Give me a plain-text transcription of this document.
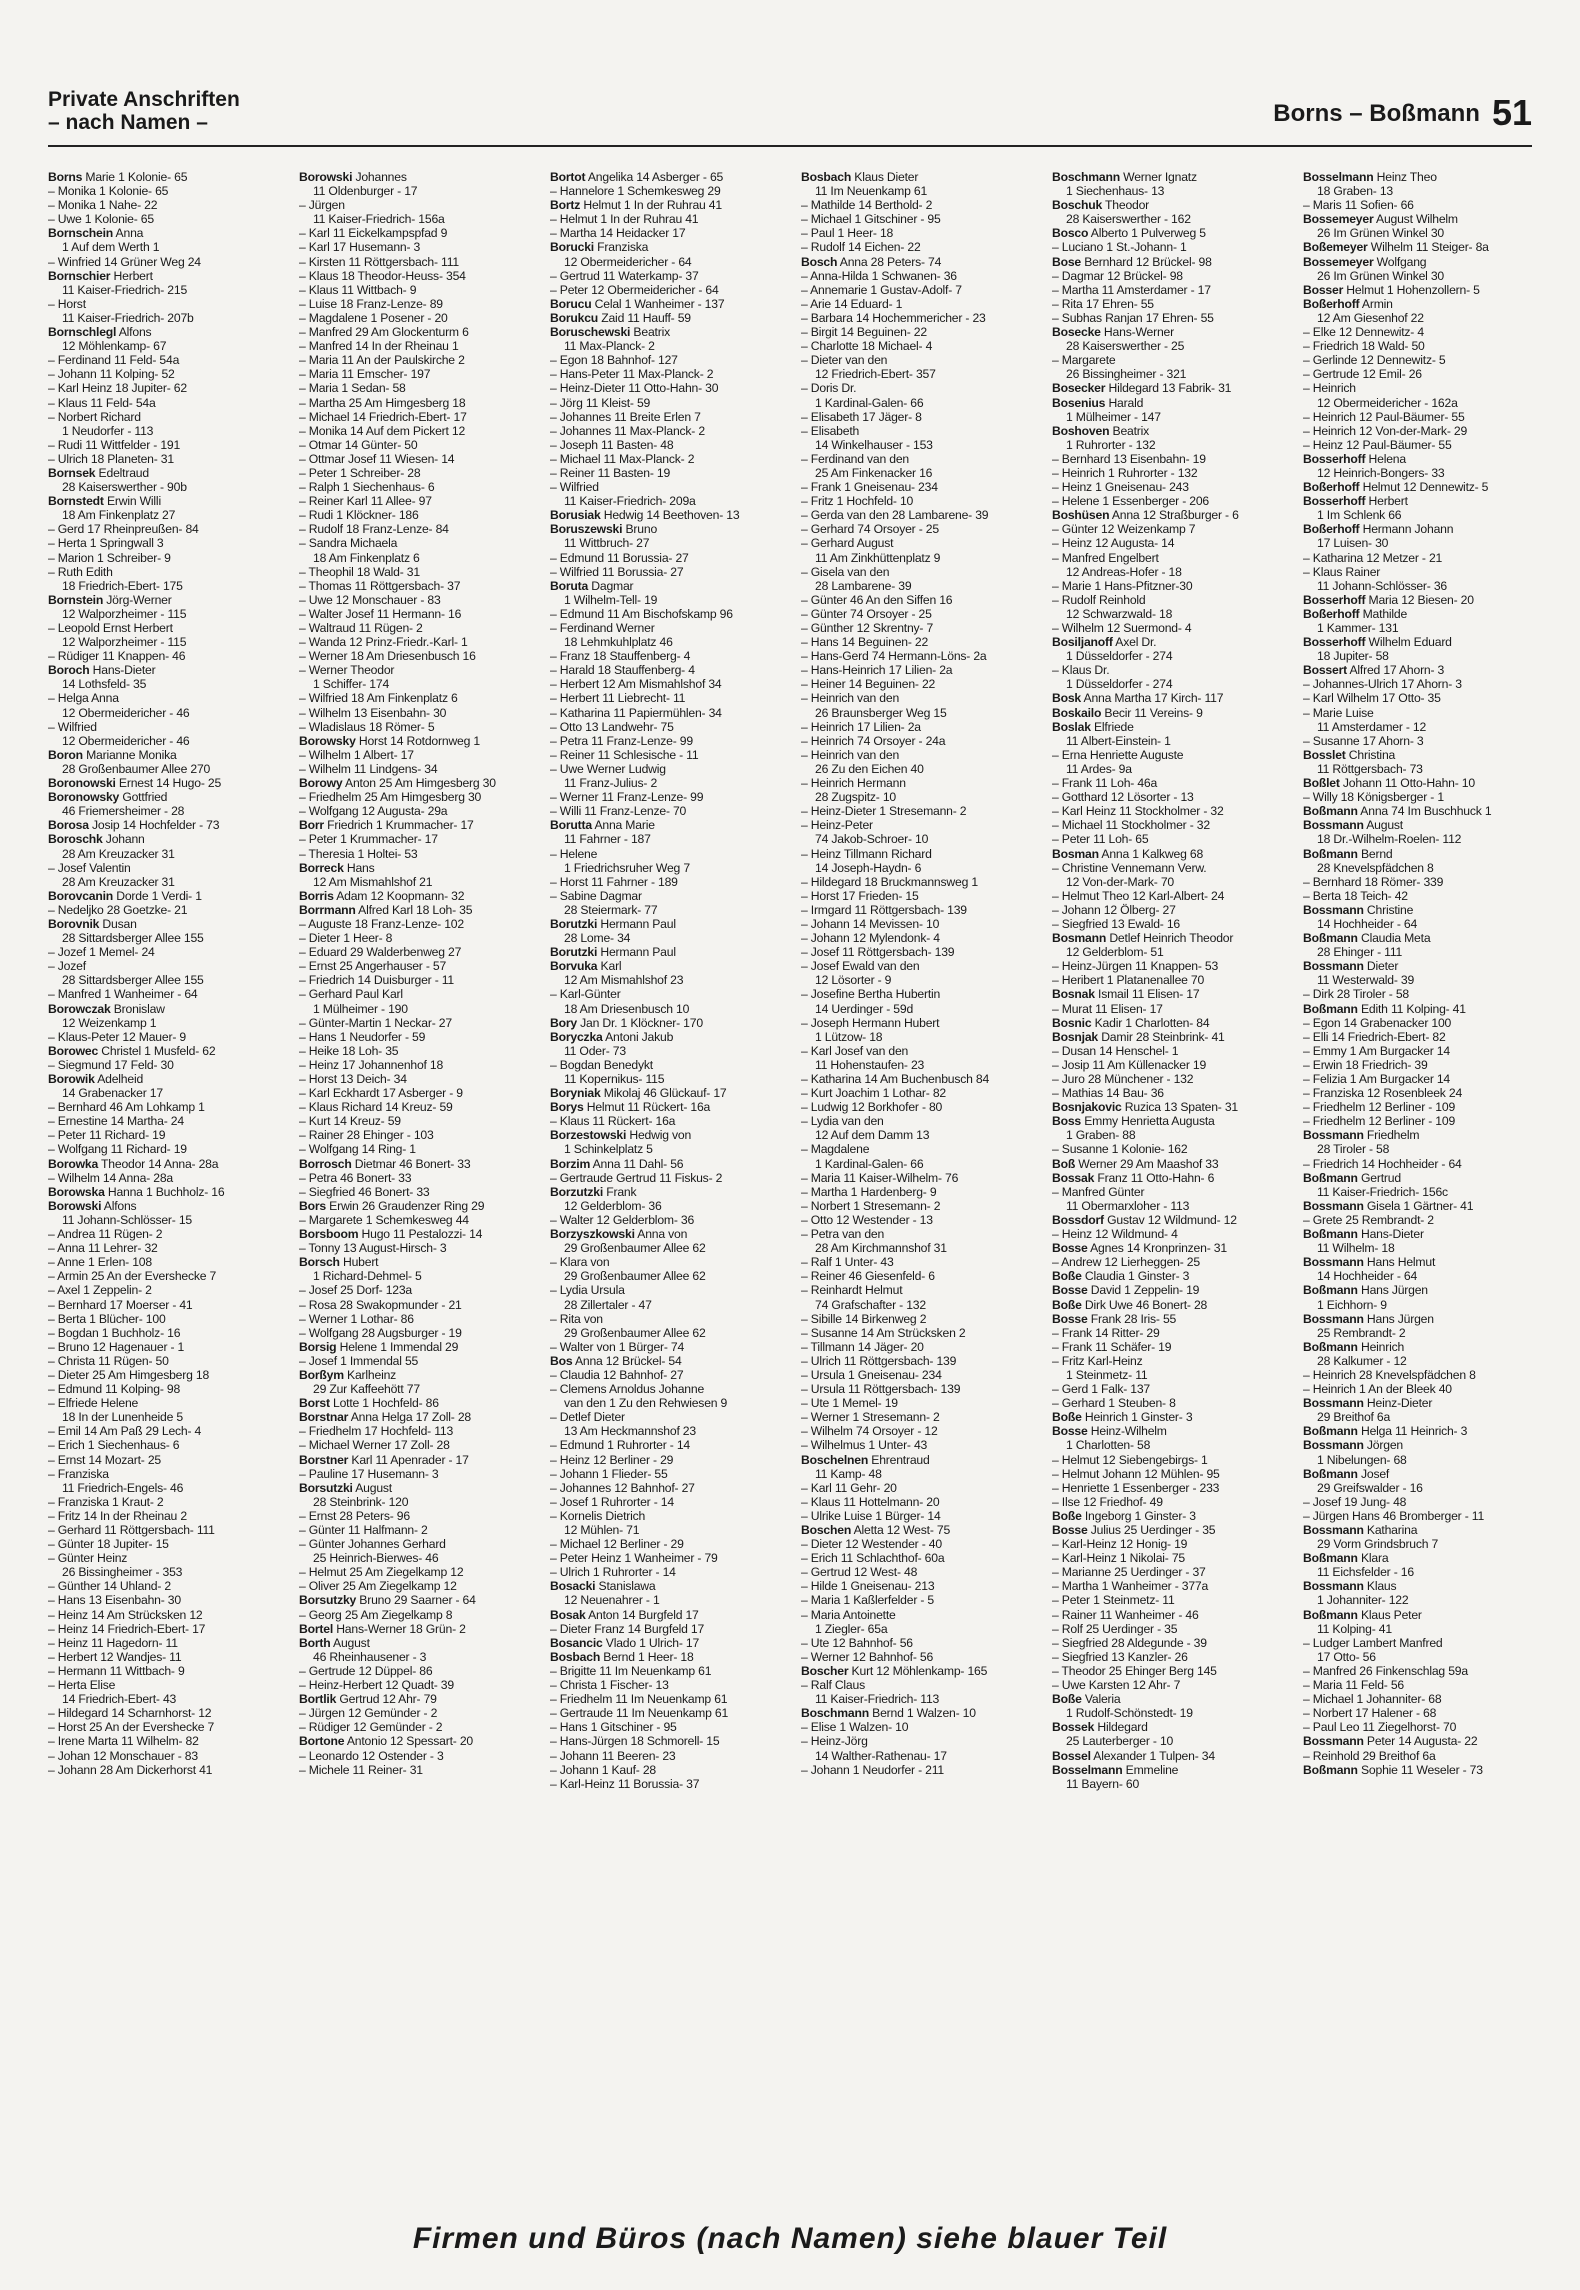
Private Anschriften
– nach Namen –	Borns – Boßmann 51
Borns Marie 1 Kolonie- 65
– Monika 1 Kolonie- 65
– Monika 1 Nahe- 22
– Uwe 1 Kolonie- 65
Bornschein Anna
1 Auf dem Werth 1
– Winfried 14 Grüner Weg 24
Bornschier Herbert
11 Kaiser-Friedrich- 215
– Horst
11 Kaiser-Friedrich- 207b
Bornschlegl Alfons
12 Möhlenkamp- 67
– Ferdinand 11 Feld- 54a
– Johann 11 Kolping- 52
– Karl Heinz 18 Jupiter- 62
– Klaus 11 Feld- 54a
– Norbert Richard
1 Neudorfer - 113
– Rudi 11 Wittfelder - 191
– Ulrich 18 Planeten- 31
Bornsek Edeltraud
28 Kaiserswerther - 90b
Bornstedt Erwin Willi
18 Am Finkenplatz 27
– Gerd 17 Rheinpreußen- 84
– Herta 1 Springwall 3
– Marion 1 Schreiber- 9
– Ruth Edith
18 Friedrich-Ebert- 175
Bornstein Jörg-Werner
12 Walporzheimer - 115
– Leopold Ernst Herbert
12 Walporzheimer - 115
– Rüdiger 11 Knappen- 46
Boroch Hans-Dieter
14 Lothsfeld- 35
– Helga Anna
12 Obermeidericher - 46
– Wilfried
12 Obermeidericher - 46
Boron Marianne Monika
28 Großenbaumer Allee 270
Boronowski Ernest 14 Hugo- 25
Boronowsky Gottfried
46 Friemersheimer - 28
Borosa Josip 14 Hochfelder - 73
Boroschk Johann
28 Am Kreuzacker 31
– Josef Valentin
28 Am Kreuzacker 31
Borovcanin Dorde 1 Verdi- 1
– Nedeljko 28 Goetzke- 21
Borovnik Dusan
28 Sittardsberger Allee 155
– Jozef 1 Memel- 24
– Jozef
28 Sittardsberger Allee 155
– Manfred 1 Wanheimer - 64
Borowczak Bronislaw
12 Weizenkamp 1
– Klaus-Peter 12 Mauer- 9
Borowec Christel 1 Musfeld- 62
– Siegmund 17 Feld- 30
Borowik Adelheid
14 Grabenacker 17
– Bernhard 46 Am Lohkamp 1
– Ernestine 14 Martha- 24
– Peter 11 Richard- 19
– Wolfgang 11 Richard- 19
Borowka Theodor 14 Anna- 28a
– Wilhelm 14 Anna- 28a
Borowska Hanna 1 Buchholz- 16
Borowski Alfons
11 Johann-Schlösser- 15
– Andrea 11 Rügen- 2
– Anna 11 Lehrer- 32
– Anne 1 Erlen- 108
– Armin 25 An der Evershecke 7
– Axel 1 Zeppelin- 2
– Bernhard 17 Moerser - 41
– Berta 1 Blücher- 100
– Bogdan 1 Buchholz- 16
– Bruno 12 Hagenauer - 1
– Christa 11 Rügen- 50
– Dieter 25 Am Himgesberg 18
– Edmund 11 Kolping- 98
– Elfriede Helene
18 In der Lunenheide 5
– Emil 14 Am Paß 29 Lech- 4
– Erich 1 Siechenhaus- 6
– Ernst 14 Mozart- 25
– Franziska
11 Friedrich-Engels- 46
– Franziska 1 Kraut- 2
– Fritz 14 In der Rheinau 2
– Gerhard 11 Röttgersbach- 111
– Günter 18 Jupiter- 15
– Günter Heinz
26 Bissingheimer - 353
– Günther 14 Uhland- 2
– Hans 13 Eisenbahn- 30
– Heinz 14 Am Strücksken 12
– Heinz 14 Friedrich-Ebert- 17
– Heinz 11 Hagedorn- 11
– Herbert 12 Wandjes- 11
– Hermann 11 Wittbach- 9
– Herta Elise
14 Friedrich-Ebert- 43
– Hildegard 14 Scharnhorst- 12
– Horst 25 An der Evershecke 7
– Irene Marta 11 Wilhelm- 82
– Johan 12 Monschauer - 83
– Johann 28 Am Dickerhorst 41
Borowski Johannes
11 Oldenburger - 17
– Jürgen
11 Kaiser-Friedrich- 156a
– Karl 11 Eickelkampspfad 9
– Karl 17 Husemann- 3
– Kirsten 11 Röttgersbach- 111
– Klaus 18 Theodor-Heuss- 354
– Klaus 11 Wittbach- 9
– Luise 18 Franz-Lenze- 89
– Magdalene 1 Posener - 20
– Manfred 29 Am Glockenturm 6
– Manfred 14 In der Rheinau 1
– Maria 11 An der Paulskirche 2
– Maria 11 Emscher- 197
– Maria 1 Sedan- 58
– Martha 25 Am Himgesberg 18
– Michael 14 Friedrich-Ebert- 17
– Monika 14 Auf dem Pickert 12
– Otmar 14 Günter- 50
– Ottmar Josef 11 Wiesen- 14
– Peter 1 Schreiber- 28
– Ralph 1 Siechenhaus- 6
– Reiner Karl 11 Allee- 97
– Rudi 1 Klöckner- 186
– Rudolf 18 Franz-Lenze- 84
– Sandra Michaela
18 Am Finkenplatz 6
– Theophil 18 Wald- 31
– Thomas 11 Röttgersbach- 37
– Uwe 12 Monschauer - 83
– Walter Josef 11 Hermann- 16
– Waltraud 11 Rügen- 2
– Wanda 12 Prinz-Friedr.-Karl- 1
– Werner 18 Am Driesenbusch 16
– Werner Theodor
1 Schiffer- 174
– Wilfried 18 Am Finkenplatz 6
– Wilhelm 13 Eisenbahn- 30
– Wladislaus 18 Römer- 5
Borowsky Horst 14 Rotdornweg 1
– Wilhelm 1 Albert- 17
– Wilhelm 11 Lindgens- 34
Borowy Anton 25 Am Himgesberg 30
– Friedhelm 25 Am Himgesberg 30
– Wolfgang 12 Augusta- 29a
Borr Friedrich 1 Krummacher- 17
– Peter 1 Krummacher- 17
– Theresia 1 Holtei- 53
Borreck Hans
12 Am Mismahlshof 21
Borris Adam 12 Koopmann- 32
Borrmann Alfred Karl 18 Loh- 35
– Auguste 18 Franz-Lenze- 102
– Dieter 1 Heer- 8
– Eduard 29 Walderbenweg 27
– Ernst 25 Angerhauser - 57
– Friedrich 14 Duisburger - 11
– Gerhard Paul Karl
1 Mülheimer - 190
– Günter-Martin 1 Neckar- 27
– Hans 1 Neudorfer - 59
– Heike 18 Loh- 35
– Heinz 17 Johannenhof 18
– Horst 13 Deich- 34
– Karl Eckhardt 17 Asberger - 9
– Klaus Richard 14 Kreuz- 59
– Kurt 14 Kreuz- 59
– Rainer 28 Ehinger - 103
– Wolfgang 14 Ring- 1
Borrosch Dietmar 46 Bonert- 33
– Petra 46 Bonert- 33
– Siegfried 46 Bonert- 33
Bors Erwin 26 Graudenzer Ring 29
– Margarete 1 Schemkesweg 44
Borsboom Hugo 11 Pestalozzi- 14
– Tonny 13 August-Hirsch- 3
Borsch Hubert
1 Richard-Dehmel- 5
– Josef 25 Dorf- 123a
– Rosa 28 Swakopmunder - 21
– Werner 1 Lothar- 86
– Wolfgang 28 Augsburger - 19
Borsig Helene 1 Immendal 29
– Josef 1 Immendal 55
Borßym Karlheinz
29 Zur Kaffeehött 77
Borst Lotte 1 Hochfeld- 86
Borstnar Anna Helga 17 Zoll- 28
– Friedhelm 17 Hochfeld- 113
– Michael Werner 17 Zoll- 28
Borstner Karl 11 Apenrader - 17
– Pauline 17 Husemann- 3
Borsutzki August
28 Steinbrink- 120
– Ernst 28 Peters- 96
– Günter 11 Halfmann- 2
– Günter Johannes Gerhard
25 Heinrich-Bierwes- 46
– Helmut 25 Am Ziegelkamp 12
– Oliver 25 Am Ziegelkamp 12
Borsutzky Bruno 29 Saarner - 64
– Georg 25 Am Ziegelkamp 8
Bortel Hans-Werner 18 Grün- 2
Borth August
46 Rheinhausener - 3
– Gertrude 12 Düppel- 86
– Heinz-Herbert 12 Quadt- 39
Bortlik Gertrud 12 Ahr- 79
– Jürgen 12 Gemünder - 2
– Rüdiger 12 Gemünder - 2
Bortone Antonio 12 Spessart- 20
– Leonardo 12 Ostender - 3
– Michele 11 Reiner- 31
Bortot Angelika 14 Asberger - 65
– Hannelore 1 Schemkesweg 29
Bortz Helmut 1 In der Ruhrau 41
– Helmut 1 In der Ruhrau 41
– Martha 14 Heidacker 17
Borucki Franziska
12 Obermeidericher - 64
– Gertrud 11 Waterkamp- 37
– Peter 12 Obermeidericher - 64
Borucu Celal 1 Wanheimer - 137
Borukcu Zaid 11 Hauff- 59
Boruschewski Beatrix
11 Max-Planck- 2
– Egon 18 Bahnhof- 127
– Hans-Peter 11 Max-Planck- 2
– Heinz-Dieter 11 Otto-Hahn- 30
– Jörg 11 Kleist- 59
– Johannes 11 Breite Erlen 7
– Johannes 11 Max-Planck- 2
– Joseph 11 Basten- 48
– Michael 11 Max-Planck- 2
– Reiner 11 Basten- 19
– Wilfried
11 Kaiser-Friedrich- 209a
Borusiak Hedwig 14 Beethoven- 13
Boruszewski Bruno
11 Wittbruch- 27
– Edmund 11 Borussia- 27
– Wilfried 11 Borussia- 27
Boruta Dagmar
1 Wilhelm-Tell- 19
– Edmund 11 Am Bischofskamp 96
– Ferdinand Werner
18 Lehmkuhlplatz 46
– Franz 18 Stauffenberg- 4
– Harald 18 Stauffenberg- 4
– Herbert 12 Am Mismahlshof 34
– Herbert 11 Liebrecht- 11
– Katharina 11 Papiermühlen- 34
– Otto 13 Landwehr- 75
– Petra 11 Franz-Lenze- 99
– Reiner 11 Schlesische - 11
– Uwe Werner Ludwig
11 Franz-Julius- 2
– Werner 11 Franz-Lenze- 99
– Willi 11 Franz-Lenze- 70
Borutta Anna Marie
11 Fahrner - 187
– Helene
1 Friedrichsruher Weg 7
– Horst 11 Fahrner - 189
– Sabine Dagmar
28 Steiermark- 77
Borutzki Hermann Paul
28 Lome- 34
Borutzki Hermann Paul
Borvuka Karl
12 Am Mismahlshof 23
– Karl-Günter
18 Am Driesenbusch 10
Bory Jan Dr. 1 Klöckner- 170
Boryczka Antoni Jakub
11 Oder- 73
– Bogdan Benedykt
11 Kopernikus- 115
Boryniak Mikolaj 46 Glückauf- 17
Borys Helmut 11 Rückert- 16a
– Klaus 11 Rückert- 16a
Borzestowski Hedwig von
1 Schinkelplatz 5
Borzim Anna 11 Dahl- 56
– Gertraude Gertrud 11 Fiskus- 2
Borzutzki Frank
12 Gelderblom- 36
– Walter 12 Gelderblom- 36
Borzyszkowski Anna von
29 Großenbaumer Allee 62
– Klara von
29 Großenbaumer Allee 62
– Lydia Ursula
28 Zillertaler - 47
– Rita von
29 Großenbaumer Allee 62
– Walter von 1 Bürger- 74
Bos Anna 12 Brückel- 54
– Claudia 12 Bahnhof- 27
– Clemens Arnoldus Johanne
van den 1 Zu den Rehwiesen 9
– Detlef Dieter
13 Am Heckmannshof 23
– Edmund 1 Ruhrorter - 14
– Heinz 12 Berliner - 29
– Johann 1 Flieder- 55
– Johannes 12 Bahnhof- 27
– Josef 1 Ruhrorter - 14
– Kornelis Dietrich
12 Mühlen- 71
– Michael 12 Berliner - 29
– Peter Heinz 1 Wanheimer - 79
– Ulrich 1 Ruhrorter - 14
Bosacki Stanislawa
12 Neuenahrer - 1
Bosak Anton 14 Burgfeld 17
– Dieter Franz 14 Burgfeld 17
Bosancic Vlado 1 Ulrich- 17
Bosbach Bernd 1 Heer- 18
– Brigitte 11 Im Neuenkamp 61
– Christa 1 Fischer- 13
– Friedhelm 11 Im Neuenkamp 61
– Gertraude 11 Im Neuenkamp 61
– Hans 1 Gitschiner - 95
– Hans-Jürgen 18 Schmorell- 15
– Johann 11 Beeren- 23
– Johann 1 Kauf- 28
– Karl-Heinz 11 Borussia- 37
Bosbach Klaus Dieter
11 Im Neuenkamp 61
– Mathilde 14 Berthold- 2
– Michael 1 Gitschiner - 95
– Paul 1 Heer- 18
– Rudolf 14 Eichen- 22
Bosch Anna 28 Peters- 74
– Anna-Hilda 1 Schwanen- 36
– Annemarie 1 Gustav-Adolf- 7
– Arie 14 Eduard- 1
– Barbara 14 Hochemmericher - 23
– Birgit 14 Beguinen- 22
– Charlotte 18 Michael- 4
– Dieter van den
12 Friedrich-Ebert- 357
– Doris Dr.
1 Kardinal-Galen- 66
– Elisabeth 17 Jäger- 8
– Elisabeth
14 Winkelhauser - 153
– Ferdinand van den
25 Am Finkenacker 16
– Frank 1 Gneisenau- 234
– Fritz 1 Hochfeld- 10
– Gerda van den 28 Lambarene- 39
– Gerhard 74 Orsoyer - 25
– Gerhard August
11 Am Zinkhüttenplatz 9
– Gisela van den
28 Lambarene- 39
– Günter 46 An den Siffen 16
– Günter 74 Orsoyer - 25
– Günther 12 Skrentny- 7
– Hans 14 Beguinen- 22
– Hans-Gerd 74 Hermann-Löns- 2a
– Hans-Heinrich 17 Lilien- 2a
– Heiner 14 Beguinen- 22
– Heinrich van den
26 Braunsberger Weg 15
– Heinrich 17 Lilien- 2a
– Heinrich 74 Orsoyer - 24a
– Heinrich van den
26 Zu den Eichen 40
– Heinrich Hermann
28 Zugspitz- 10
– Heinz-Dieter 1 Stresemann- 2
– Heinz-Peter
74 Jakob-Schroer- 10
– Heinz Tillmann Richard
14 Joseph-Haydn- 6
– Hildegard 18 Bruckmannsweg 1
– Horst 17 Frieden- 15
– Irmgard 11 Röttgersbach- 139
– Johann 14 Mevissen- 10
– Johann 12 Mylendonk- 4
– Josef 11 Röttgersbach- 139
– Josef Ewald van den
12 Lösorter - 9
– Josefine Bertha Hubertin
14 Uerdinger - 59d
– Joseph Hermann Hubert
1 Lützow- 18
– Karl Josef van den
11 Hohenstaufen- 23
– Katharina 14 Am Buchenbusch 84
– Kurt Joachim 1 Lothar- 82
– Ludwig 12 Borkhofer - 80
– Lydia van den
12 Auf dem Damm 13
– Magdalene
1 Kardinal-Galen- 66
– Maria 11 Kaiser-Wilhelm- 76
– Martha 1 Hardenberg- 9
– Norbert 1 Stresemann- 2
– Otto 12 Westender - 13
– Petra van den
28 Am Kirchmannshof 31
– Ralf 1 Unter- 43
– Reiner 46 Giesenfeld- 6
– Reinhardt Helmut
74 Grafschafter - 132
– Sibille 14 Birkenweg 2
– Susanne 14 Am Strücksken 2
– Tillmann 14 Jäger- 20
– Ulrich 11 Röttgersbach- 139
– Ursula 1 Gneisenau- 234
– Ursula 11 Röttgersbach- 139
– Ute 1 Memel- 19
– Werner 1 Stresemann- 2
– Wilhelm 74 Orsoyer - 12
– Wilhelmus 1 Unter- 43
Boschelnen Ehrentraud
11 Kamp- 48
– Karl 11 Gehr- 20
– Klaus 11 Hottelmann- 20
– Ulrike Luise 1 Bürger- 14
Boschen Aletta 12 West- 75
– Dieter 12 Westender - 40
– Erich 11 Schlachthof- 60a
– Gertrud 12 West- 48
– Hilde 1 Gneisenau- 213
– Maria 1 Kaßlerfelder - 5
– Maria Antoinette
1 Ziegler- 65a
– Ute 12 Bahnhof- 56
– Werner 12 Bahnhof- 56
Boscher Kurt 12 Möhlenkamp- 165
– Ralf Claus
11 Kaiser-Friedrich- 113
Boschmann Bernd 1 Walzen- 10
– Elise 1 Walzen- 10
– Heinz-Jörg
14 Walther-Rathenau- 17
– Johann 1 Neudorfer - 211
Boschmann Werner Ignatz
1 Siechenhaus- 13
Boschuk Theodor
28 Kaiserswerther - 162
Bosco Alberto 1 Pulverweg 5
– Luciano 1 St.-Johann- 1
Bose Bernhard 12 Brückel- 98
– Dagmar 12 Brückel- 98
– Martha 11 Amsterdamer - 17
– Rita 17 Ehren- 55
– Subhas Ranjan 17 Ehren- 55
Bosecke Hans-Werner
28 Kaiserswerther - 25
– Margarete
26 Bissingheimer - 321
Bosecker Hildegard 13 Fabrik- 31
Bosenius Harald
1 Mülheimer - 147
Boshoven Beatrix
1 Ruhrorter - 132
– Bernhard 13 Eisenbahn- 19
– Heinrich 1 Ruhrorter - 132
– Heinz 1 Gneisenau- 243
– Helene 1 Essenberger - 206
Boshüsen Anna 12 Straßburger - 6
– Günter 12 Weizenkamp 7
– Heinz 12 Augusta- 14
– Manfred Engelbert
12 Andreas-Hofer - 18
– Marie 1 Hans-Pfitzner-30
– Rudolf Reinhold
12 Schwarzwald- 18
– Wilhelm 12 Suermond- 4
Bosiljanoff Axel Dr.
1 Düsseldorfer - 274
– Klaus Dr.
1 Düsseldorfer - 274
Bosk Anna Martha 17 Kirch- 117
Boskailo Becir 11 Vereins- 9
Boslak Elfriede
11 Albert-Einstein- 1
– Erna Henriette Auguste
11 Ardes- 9a
– Frank 11 Loh- 46a
– Gotthard 12 Lösorter - 13
– Karl Heinz 11 Stockholmer - 32
– Michael 11 Stockholmer - 32
– Peter 11 Loh- 65
Bosman Anna 1 Kalkweg 68
– Christine Vennemann Verw.
12 Von-der-Mark- 70
– Helmut Theo 12 Karl-Albert- 24
– Johann 12 Ölberg- 27
– Siegfried 13 Ewald- 16
Bosmann Detlef Heinrich Theodor
12 Gelderblom- 51
– Heinz-Jürgen 11 Knappen- 53
– Heribert 1 Platanenallee 70
Bosnak Ismail 11 Elisen- 17
– Murat 11 Elisen- 17
Bosnic Kadir 1 Charlotten- 84
Bosnjak Damir 28 Steinbrink- 41
– Dusan 14 Henschel- 1
– Josip 11 Am Küllenacker 19
– Juro 28 Münchener - 132
– Mathias 14 Bau- 36
Bosnjakovic Ruzica 13 Spaten- 31
Boss Emmy Henrietta Augusta
1 Graben- 88
– Susanne 1 Kolonie- 162
Boß Werner 29 Am Maashof 33
Bossak Franz 11 Otto-Hahn- 6
– Manfred Günter
11 Obermarxloher - 113
Bossdorf Gustav 12 Wildmund- 12
– Heinz 12 Wildmund- 4
Bosse Agnes 14 Kronprinzen- 31
– Andrew 12 Lierheggen- 25
Boße Claudia 1 Ginster- 3
Bosse David 1 Zeppelin- 19
Boße Dirk Uwe 46 Bonert- 28
Bosse Frank 28 Iris- 55
– Frank 14 Ritter- 29
– Frank 11 Schäfer- 19
– Fritz Karl-Heinz
1 Steinmetz- 11
– Gerd 1 Falk- 137
– Gerhard 1 Steuben- 8
Boße Heinrich 1 Ginster- 3
Bosse Heinz-Wilhelm
1 Charlotten- 58
– Helmut 12 Siebengebirgs- 1
– Helmut Johann 12 Mühlen- 95
– Henriette 1 Essenberger - 233
– Ilse 12 Friedhof- 49
Boße Ingeborg 1 Ginster- 3
Bosse Julius 25 Uerdinger - 35
– Karl-Heinz 12 Honig- 19
– Karl-Heinz 1 Nikolai- 75
– Marianne 25 Uerdinger - 37
– Martha 1 Wanheimer - 377a
– Peter 1 Steinmetz- 11
– Rainer 11 Wanheimer - 46
– Rolf 25 Uerdinger - 35
– Siegfried 28 Aldegunde - 39
– Siegfried 13 Kanzler- 26
– Theodor 25 Ehinger Berg 145
– Uwe Karsten 12 Ahr- 7
Boße Valeria
1 Rudolf-Schönstedt- 19
Bossek Hildegard
25 Lauterberger - 10
Bossel Alexander 1 Tulpen- 34
Bosselmann Emmeline
11 Bayern- 60
Bosselmann Heinz Theo
18 Graben- 13
– Maris 11 Sofien- 66
Bossemeyer August Wilhelm
26 Im Grünen Winkel 30
Boßemeyer Wilhelm 11 Steiger- 8a
Bossemeyer Wolfgang
26 Im Grünen Winkel 30
Bosser Helmut 1 Hohenzollern- 5
Boßerhoff Armin
12 Am Giesenhof 22
– Elke 12 Dennewitz- 4
– Friedrich 18 Wald- 50
– Gerlinde 12 Dennewitz- 5
– Gertrude 12 Emil- 26
– Heinrich
12 Obermeidericher - 162a
– Heinrich 12 Paul-Bäumer- 55
– Heinrich 12 Von-der-Mark- 29
– Heinz 12 Paul-Bäumer- 55
Bosserhoff Helena
12 Heinrich-Bongers- 33
Boßerhoff Helmut 12 Dennewitz- 5
Bosserhoff Herbert
1 Im Schlenk 66
Boßerhoff Hermann Johann
17 Luisen- 30
– Katharina 12 Metzer - 21
– Klaus Rainer
11 Johann-Schlösser- 36
Bosserhoff Maria 12 Biesen- 20
Boßerhoff Mathilde
1 Kammer- 131
Bosserhoff Wilhelm Eduard
18 Jupiter- 58
Bossert Alfred 17 Ahorn- 3
– Johannes-Ulrich 17 Ahorn- 3
– Karl Wilhelm 17 Otto- 35
– Marie Luise
11 Amsterdamer - 12
– Susanne 17 Ahorn- 3
Bosslet Christina
11 Röttgersbach- 73
Boßlet Johann 11 Otto-Hahn- 10
– Willy 18 Königsberger - 1
Boßmann Anna 74 Im Buschhuck 1
Bossmann August
18 Dr.-Wilhelm-Roelen- 112
Boßmann Bernd
28 Knevelspfädchen 8
– Bernhard 18 Römer- 339
– Berta 18 Teich- 42
Bossmann Christine
14 Hochheider - 64
Boßmann Claudia Meta
28 Ehinger - 111
Bossmann Dieter
11 Westerwald- 39
– Dirk 28 Tiroler - 58
Boßmann Edith 11 Kolping- 41
– Egon 14 Grabenacker 100
– Elli 14 Friedrich-Ebert- 82
– Emmy 1 Am Burgacker 14
– Erwin 18 Friedrich- 39
– Felizia 1 Am Burgacker 14
– Franziska 12 Rosenbleek 24
– Friedhelm 12 Berliner - 109
– Friedhelm 12 Berliner - 109
Bossmann Friedhelm
28 Tiroler - 58
– Friedrich 14 Hochheider - 64
Boßmann Gertrud
11 Kaiser-Friedrich- 156c
Bossmann Gisela 1 Gärtner- 41
– Grete 25 Rembrandt- 2
Boßmann Hans-Dieter
11 Wilhelm- 18
Bossmann Hans Helmut
14 Hochheider - 64
Boßmann Hans Jürgen
1 Eichhorn- 9
Bossmann Hans Jürgen
25 Rembrandt- 2
Boßmann Heinrich
28 Kalkumer - 12
– Heinrich 28 Knevelspfädchen 8
– Heinrich 1 An der Bleek 40
Bossmann Heinz-Dieter
29 Breithof 6a
Boßmann Helga 11 Heinrich- 3
Bossmann Jörgen
1 Nibelungen- 68
Boßmann Josef
29 Greifswalder - 16
– Josef 19 Jung- 48
– Jürgen Hans 46 Bromberger - 11
Bossmann Katharina
29 Vorm Grindsbruch 7
Boßmann Klara
11 Eichsfelder - 16
Bossmann Klaus
1 Johanniter- 122
Boßmann Klaus Peter
11 Kolping- 41
– Ludger Lambert Manfred
17 Otto- 56
– Manfred 26 Finkenschlag 59a
– Maria 11 Feld- 56
– Michael 1 Johanniter- 68
– Norbert 17 Halener - 68
– Paul Leo 11 Ziegelhorst- 70
Bossmann Peter 14 Augusta- 22
– Reinhold 29 Breithof 6a
Boßmann Sophie 11 Weseler - 73
Firmen und Büros (nach Namen) siehe blauer Teil
